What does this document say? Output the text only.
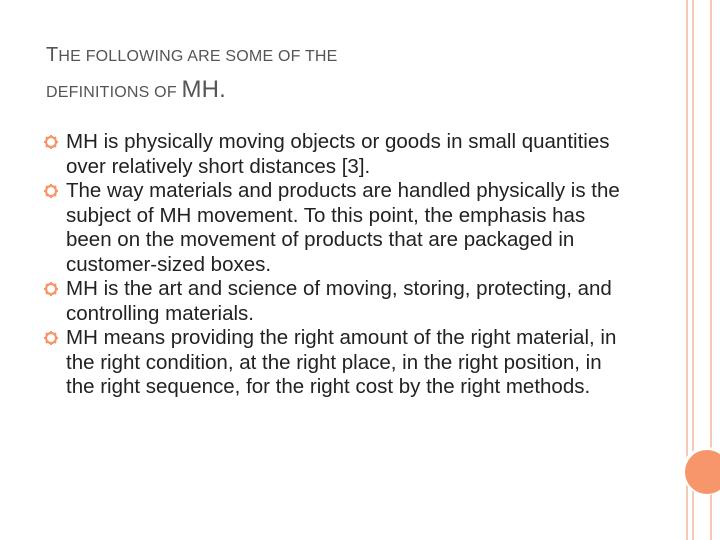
THE FOLLOWING ARE SOME OF THE
DEFINITIONS OF MH.
MH is physically moving objects or goods in small quantities over relatively short distances [3].
The way materials and products are handled physically is the subject of MH movement. To this point, the emphasis has been on the movement of products that are packaged in customer-sized boxes.
MH is the art and science of moving, storing, protecting, and controlling materials.
MH means providing the right amount of the right material, in the right condition, at the right place, in the right position, in the right sequence, for the right cost by the right methods.
